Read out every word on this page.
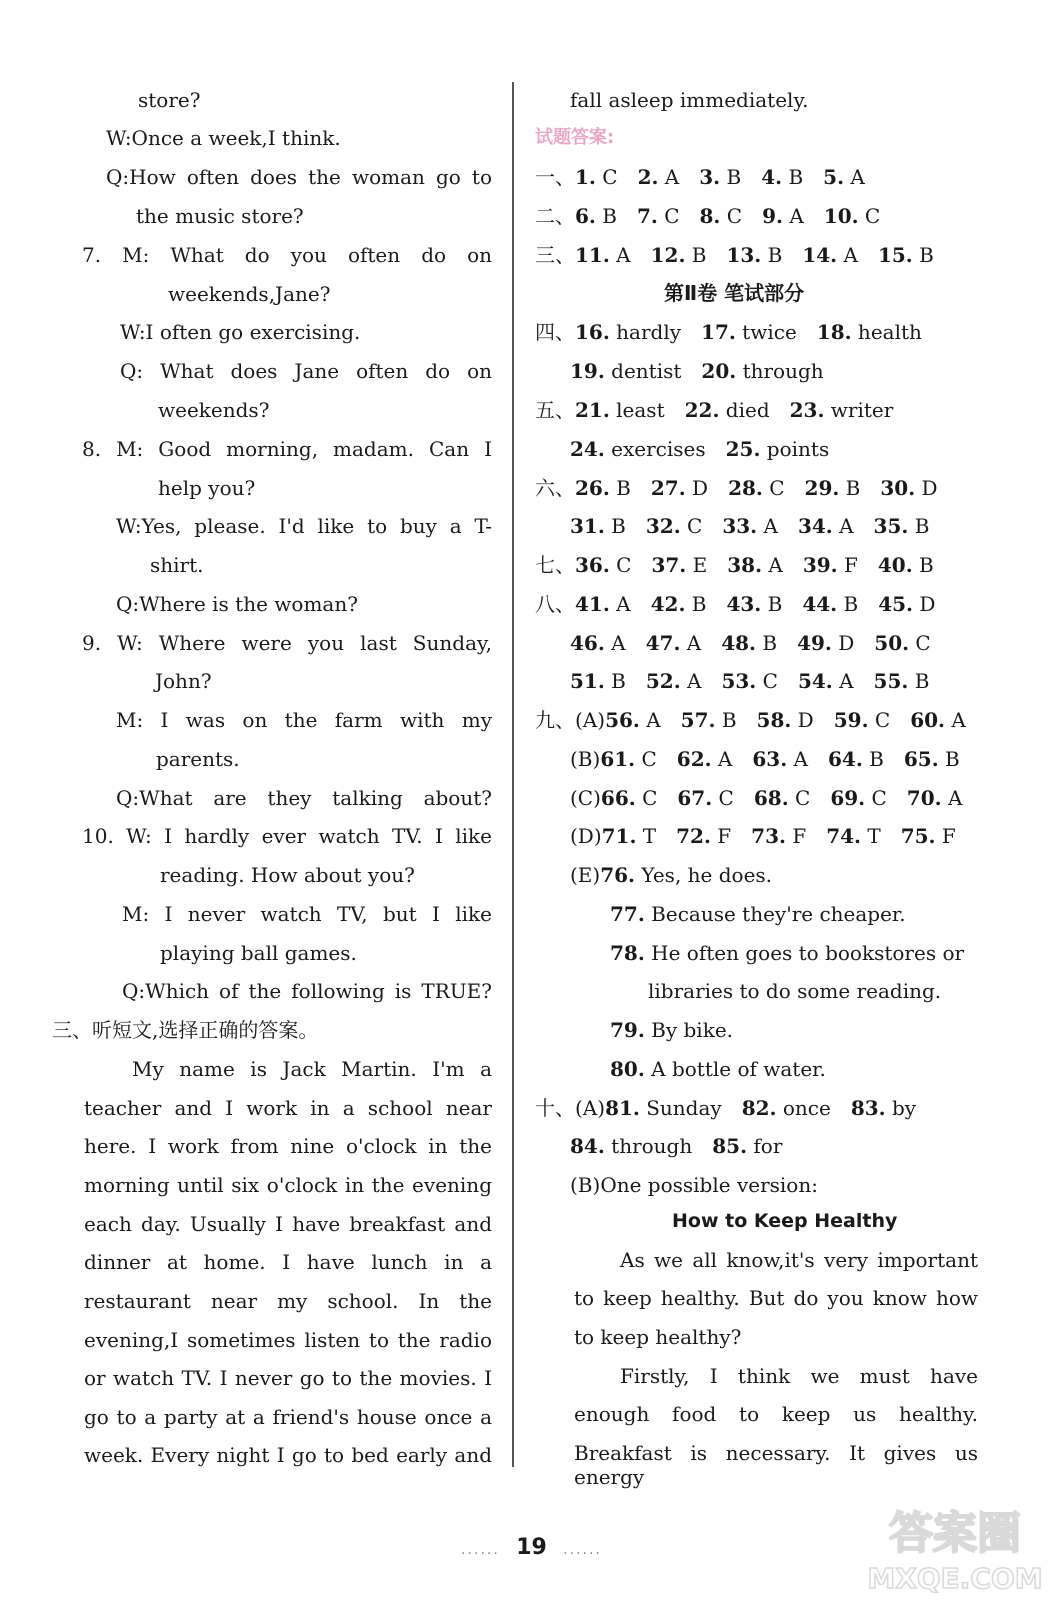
store?
W:Once a week,I think.
Q:How often does the woman go to
the music store?
7. M: What do you often do on
weekends,Jane?
W:I often go exercising.
Q: What does Jane often do on
weekends?
8. M: Good morning, madam. Can I
help you?
W:Yes, please. I'd like to buy a T-
shirt.
Q:Where is the woman?
9. W: Where were you last Sunday,
John?
M: I was on the farm with my
parents.
Q:What are they talking about?
10. W: I hardly ever watch TV. I like
reading. How about you?
M: I never watch TV, but I like
playing ball games.
Q:Which of the following is TRUE?
三、听短文,选择正确的答案。
My name is Jack Martin. I'm a
teacher and I work in a school near
here. I work from nine o'clock in the
morning until six o'clock in the evening
each day. Usually I have breakfast and
dinner at home. I have lunch in a
restaurant near my school. In the
evening,I sometimes listen to the radio
or watch TV. I never go to the movies. I
go to a party at a friend's house once a
week. Every night I go to bed early and
fall asleep immediately.
试题答案:
一、1. C 2. A 3. B 4. B 5. A
二、6. B 7. C 8. C 9. A 10. C
三、11. A 12. B 13. B 14. A 15. B
四、16. hardly 17. twice 18. health
19. dentist 20. through
五、21. least 22. died 23. writer
24. exercises 25. points
六、26. B 27. D 28. C 29. B 30. D
31. B 32. C 33. A 34. A 35. B
七、36. C 37. E 38. A 39. F 40. B
八、41. A 42. B 43. B 44. B 45. D
46. A 47. A 48. B 49. D 50. C
51. B 52. A 53. C 54. A 55. B
九、(A)56. A 57. B 58. D 59. C 60. A
(B)61. C 62. A 63. A 64. B 65. B
(C)66. C 67. C 68. C 69. C 70. A
(D)71. T 72. F 73. F 74. T 75. F
(E)76. Yes, he does.
77. Because they're cheaper.
78. He often goes to bookstores or
libraries to do some reading.
79. By bike.
80. A bottle of water.
十、(A)81. Sunday 82. once 83. by
84. through 85. for
(B)One possible version:
第Ⅱ卷 笔试部分
How to Keep Healthy
As we all know,it's very important
to keep healthy. But do you know how
to keep healthy?
Firstly, I think we must have
enough food to keep us healthy.
Breakfast is necessary. It gives us energy
...... 19 ......	答案圈
MXQE.COM
